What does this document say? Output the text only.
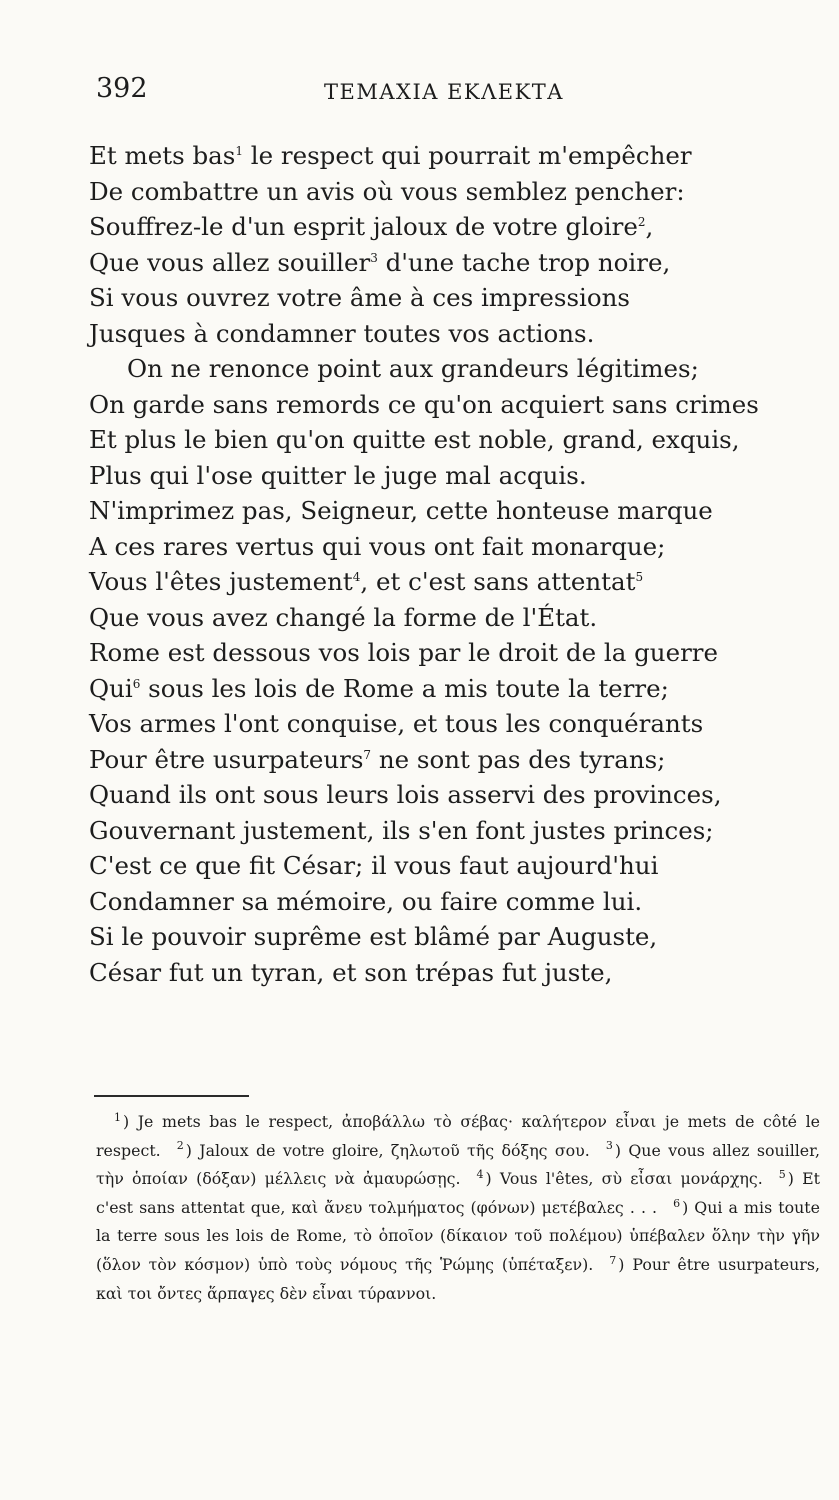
392	ΤΕΜΑΧΙΑ ΕΚΛΕΚΤΑ
Et mets bas$^1$ le respect qui pourrait m'empêcher
De combattre un avis où vous semblez pencher:
Souffrez-le d'un esprit jaloux de votre gloire$^2$,
Que vous allez souiller$^3$ d'une tache trop noire,
Si vous ouvrez votre âme à ces impressions
Jusques à condamner toutes vos actions.
On ne renonce point aux grandeurs légitimes;
On garde sans remords ce qu'on acquiert sans crimes
Et plus le bien qu'on quitte est noble, grand, exquis,
Plus qui l'ose quitter le juge mal acquis.
N'imprimez pas, Seigneur, cette honteuse marque
A ces rares vertus qui vous ont fait monarque;
Vous l'êtes justement$^4$, et c'est sans attentat$^5$
Que vous avez changé la forme de l'État.
Rome est dessous vos lois par le droit de la guerre
Qui$^6$ sous les lois de Rome a mis toute la terre;
Vos armes l'ont conquise, et tous les conquérants
Pour être usurpateurs$^7$ ne sont pas des tyrans;
Quand ils ont sous leurs lois asservi des provinces,
Gouvernant justement, ils s'en font justes princes;
C'est ce que fit César; il vous faut aujourd'hui
Condamner sa mémoire, ou faire comme lui.
Si le pouvoir suprême est blâmé par Auguste,
César fut un tyran, et son trépas fut juste,
$^1$ ) Je mets bas le respect, ἀποβάλλω τὸ σέβας· καλήτερον εἶναι je mets de côté le respect. $^2$ ) Jaloux de votre gloire, ζηλωτοῦ τῆς δόξης σου. $^3$ ) Que vous allez souiller, τὴν ὁποίαν (δόξαν) μέλλεις νὰ ἀμαυρώσῃς. $^4$ ) Vous l'êtes, σὺ εἶσαι μονάρχης. $^5$ ) Et c'est sans attentat que, καὶ ἄνευ τολμήματος (φόνων) μετέβαλες . . . $^6$ ) Qui a mis toute la terre sous les lois de Rome, τὸ ὁποῖον (δίκαιον τοῦ πολέμου) ὑπέβαλεν ὅλην τὴν γῆν (ὅλον τὸν κόσμον) ὑπὸ τοὺς νόμους τῆς Ῥώμης (ὑπέταξεν). $^7$ ) Pour être usurpateurs, καὶ τοι ὄντες ἅρπαγες δὲν εἶναι τύραννοι.
